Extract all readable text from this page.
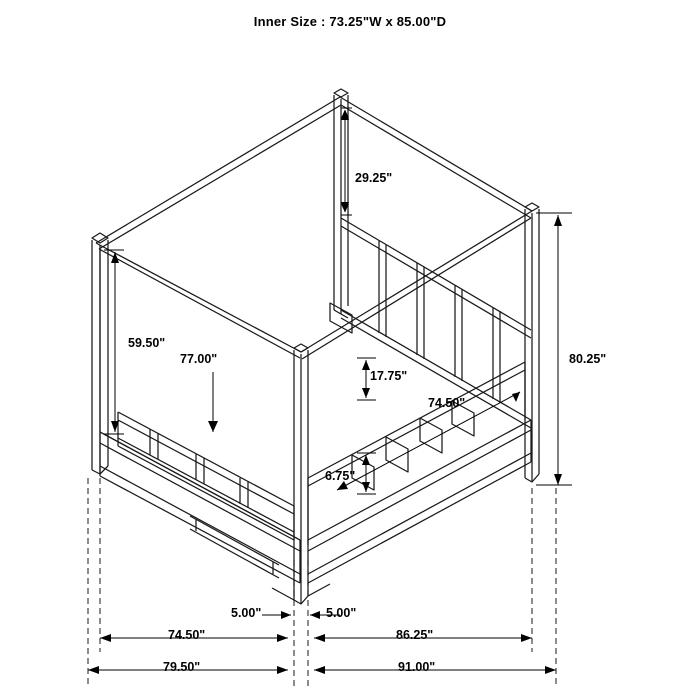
Inner Size : 73.25"W x 85.00"D
29.25"
80.25"
59.50"
77.00"
17.75"
74.50"
6.75"
5.00"	5.00"
74.50"	86.25"
79.50"	91.00"
